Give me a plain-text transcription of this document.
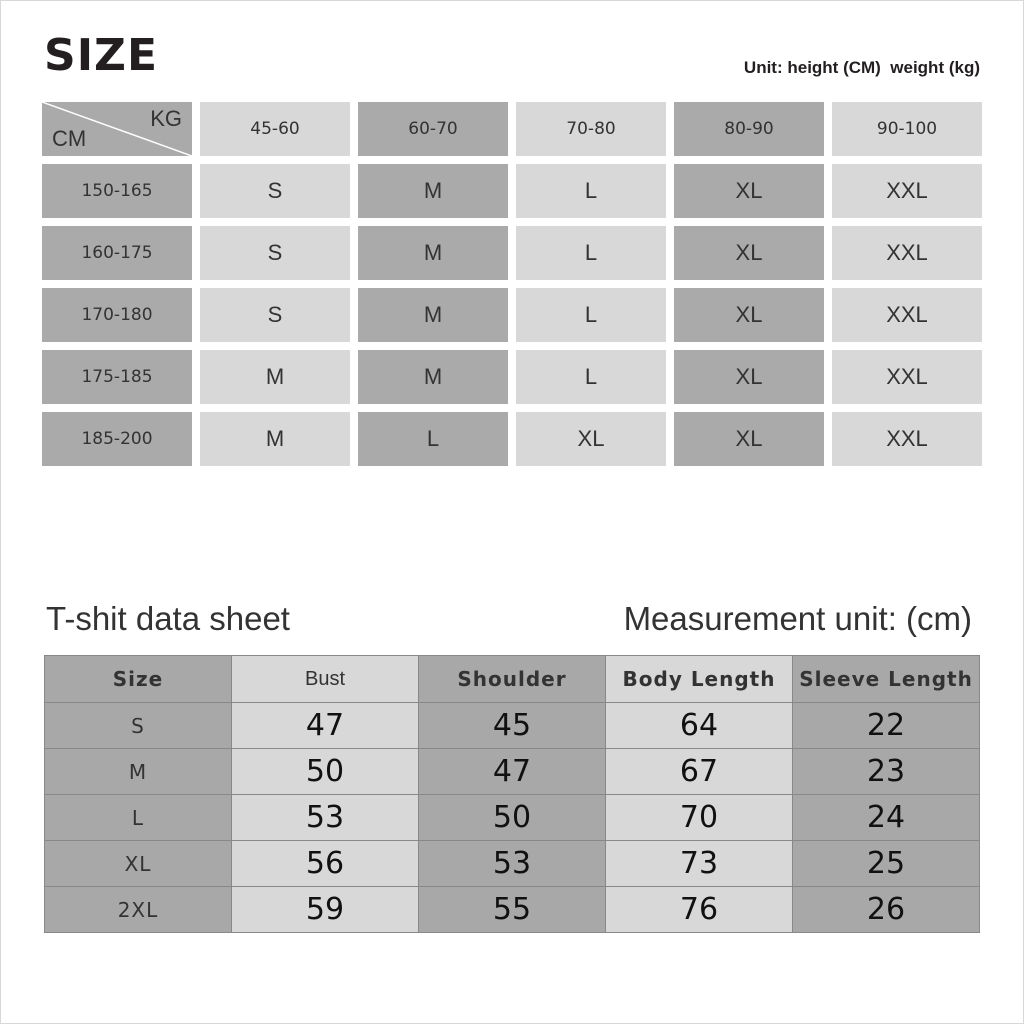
SIZE	Unit: height (CM)  weight (kg)
KG
CM	45-60	60-70	70-80	80-90	90-100
150-165	S	M	L	XL	XXL
160-175	S	M	L	XL	XXL
170-180	S	M	L	XL	XXL
175-185	M	M	L	XL	XXL
185-200	M	L	XL	XL	XXL
T-shit data sheet	Measurement unit: (cm)
Size	Bust	Shoulder	Body Length	Sleeve Length
S	47	45	64	22
M	50	47	67	23
L	53	50	70	24
XL	56	53	73	25
2XL	59	55	76	26
